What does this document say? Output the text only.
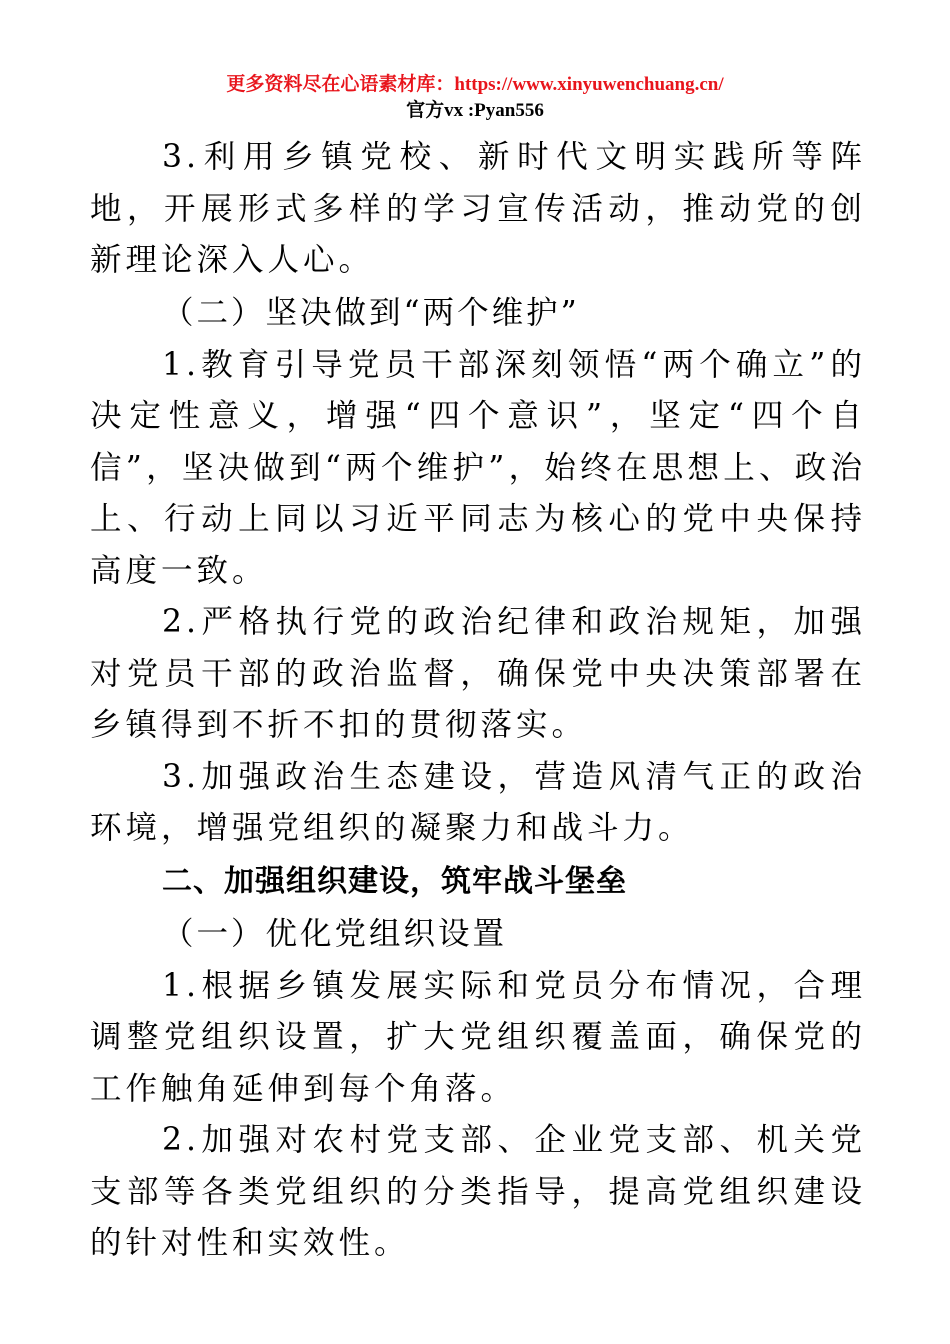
更多资料尽在心语素材库：https://www.xinyuwenchuang.cn/
官方vx :Pyan556

3.利用乡镇党校、新时代文明实践所等阵地，开展形式多样的学习宣传活动，推动党的创新理论深入人心。

（二）坚决做到“两个维护”

1.教育引导党员干部深刻领悟“两个确立”的决定性意义，增强“四个意识”，坚定“四个自信”，坚决做到“两个维护”，始终在思想上、政治上、行动上同以习近平同志为核心的党中央保持高度一致。

2.严格执行党的政治纪律和政治规矩，加强对党员干部的政治监督，确保党中央决策部署在乡镇得到不折不扣的贯彻落实。

3.加强政治生态建设，营造风清气正的政治环境，增强党组织的凝聚力和战斗力。

二、加强组织建设，筑牢战斗堡垒

（一）优化党组织设置

1.根据乡镇发展实际和党员分布情况，合理调整党组织设置，扩大党组织覆盖面，确保党的工作触角延伸到每个角落。

2.加强对农村党支部、企业党支部、机关党支部等各类党组织的分类指导，提高党组织建设的针对性和实效性。
